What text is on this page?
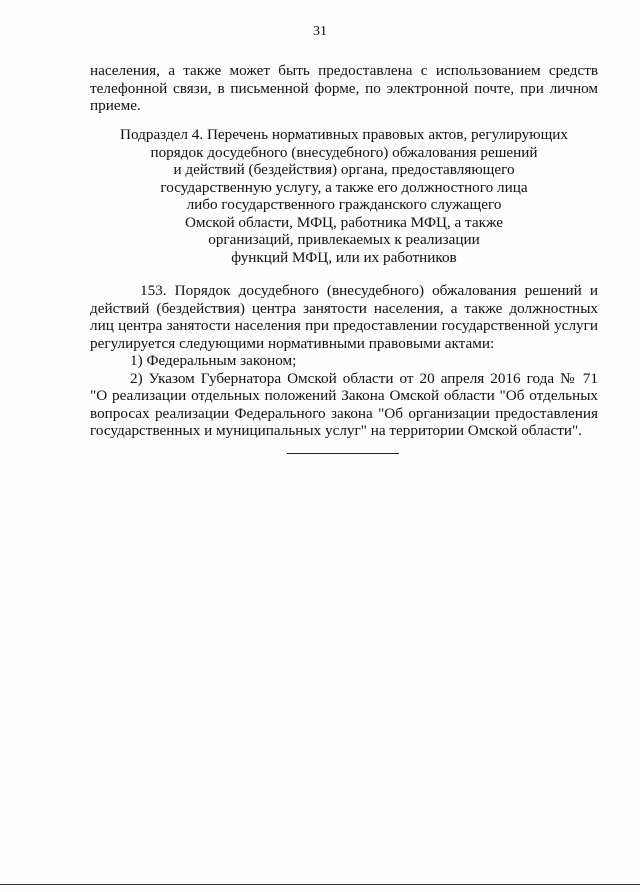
31
населения, а также может быть предоставлена с использованием средств
телефонной связи, в письменной форме, по электронной почте, при личном
приеме.
Подраздел 4. Перечень нормативных правовых актов, регулирующих
порядок досудебного (внесудебного) обжалования решений
и действий (бездействия) органа, предоставляющего
государственную услугу, а также его должностного лица
либо государственного гражданского служащего
Омской области, МФЦ, работника МФЦ, а также
организаций, привлекаемых к реализации
функций МФЦ, или их работников
153. Порядок досудебного (внесудебного) обжалования решений и
действий (бездействия) центра занятости населения, а также должностных
лиц центра занятости населения при предоставлении государственной услуги
регулируется следующими нормативными правовыми актами:
1) Федеральным законом;
2) Указом Губернатора Омской области от 20 апреля 2016 года № 71
"О реализации отдельных положений Закона Омской области "Об отдельных
вопросах реализации Федерального закона "Об организации предоставления
государственных и муниципальных услуг" на территории Омской области".
